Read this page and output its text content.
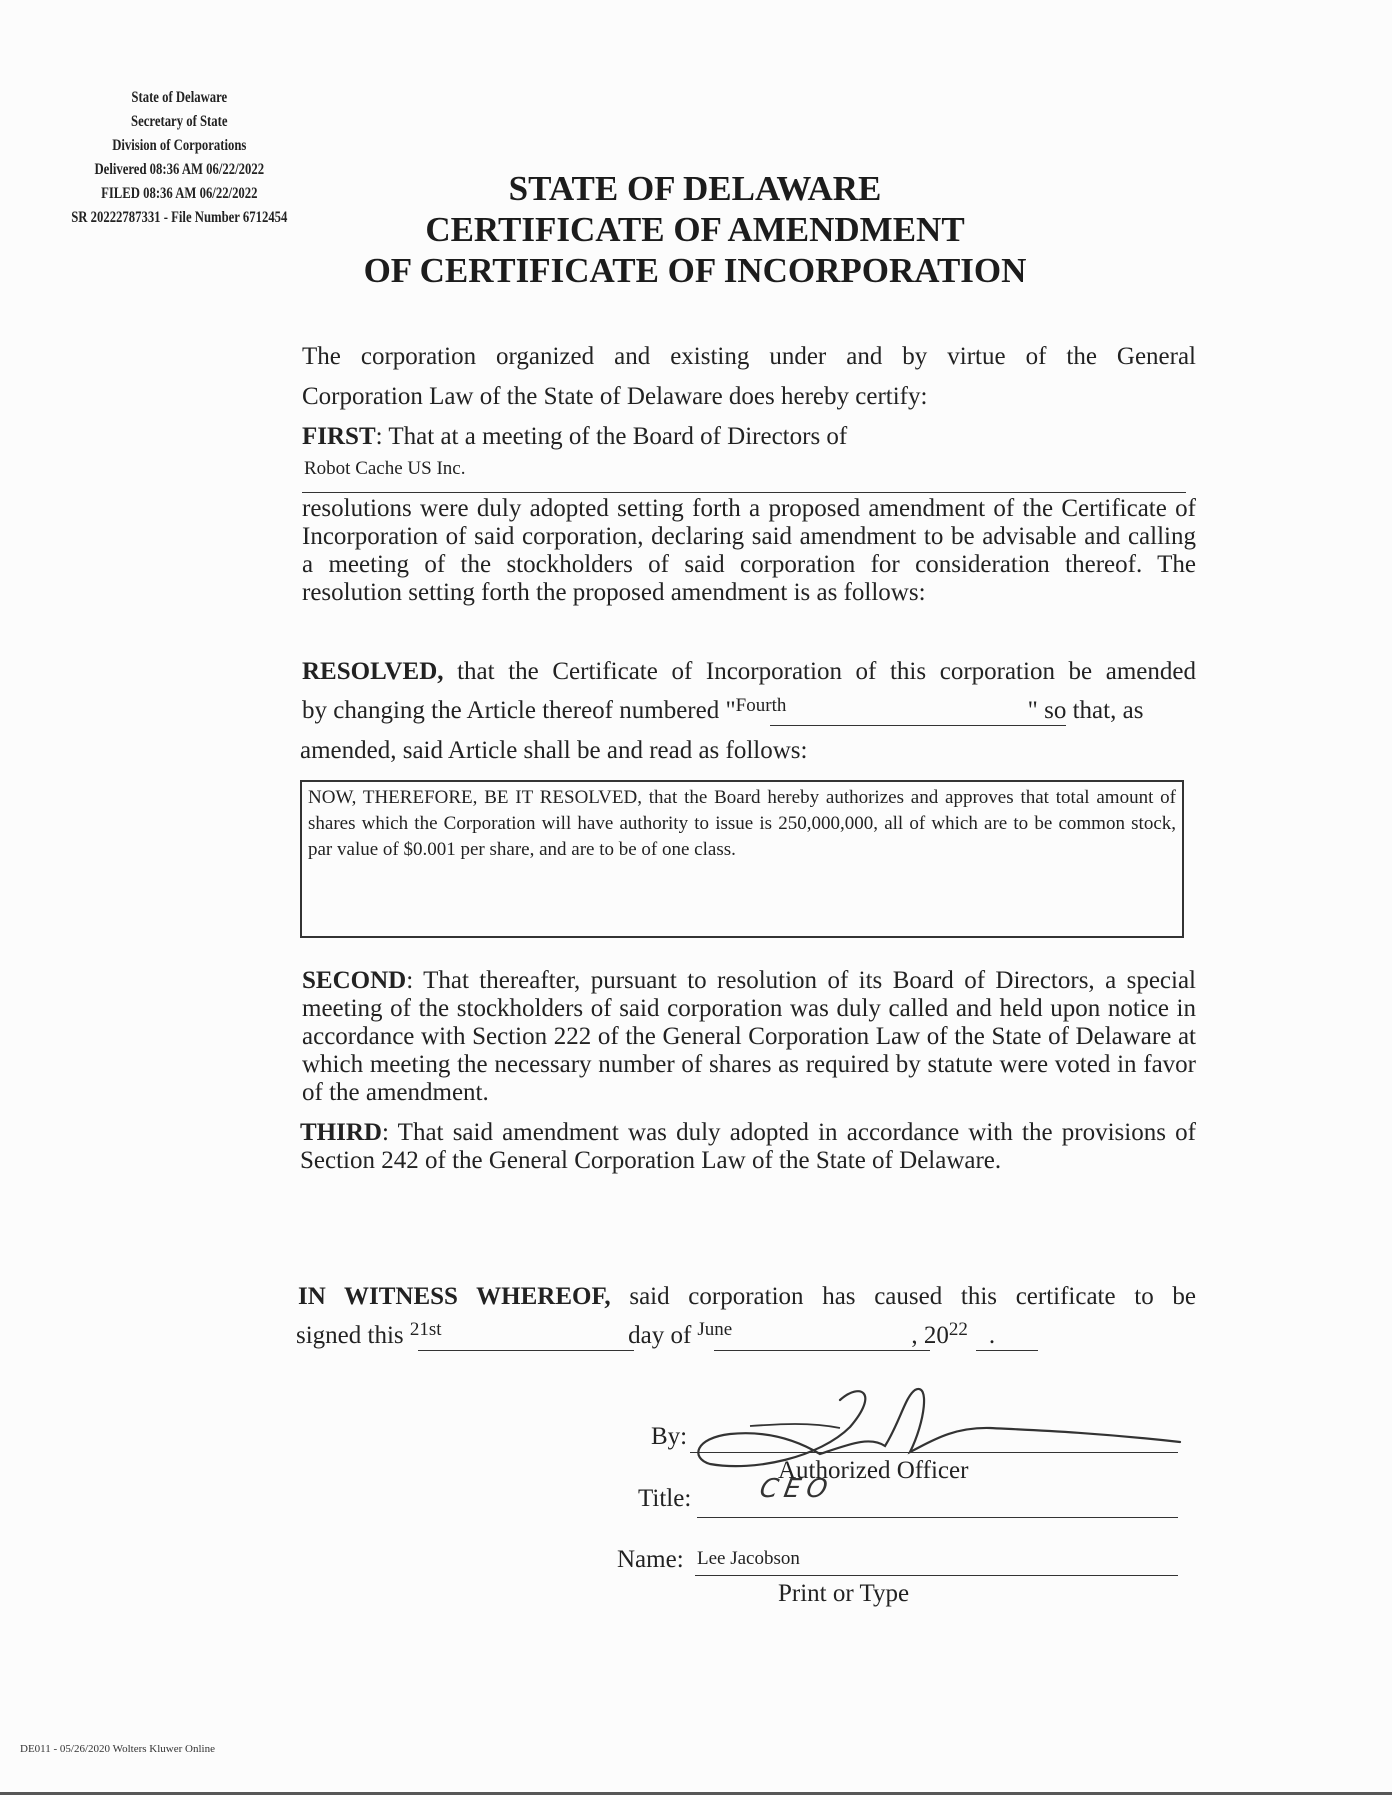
State of Delaware
Secretary of State
Division of Corporations
Delivered 08:36 AM 06/22/2022
FILED 08:36 AM 06/22/2022
SR 20222787331 - File Number 6712454
STATE OF DELAWARE
CERTIFICATE OF AMENDMENT
OF CERTIFICATE OF INCORPORATION
The corporation organized and existing under and by virtue of the General
Corporation Law of the State of Delaware does hereby certify:
FIRST: That at a meeting of the Board of Directors of
Robot Cache US Inc.
resolutions were duly adopted setting forth a proposed amendment of the Certificate of Incorporation of said corporation, declaring said amendment to be advisable and calling a meeting of the stockholders of said corporation for consideration thereof. The resolution setting forth the proposed amendment is as follows:
RESOLVED, that the Certificate of Incorporation of this corporation be amended
by changing the Article thereof numbered "Fourth	" so that, as
amended, said Article shall be and read as follows:
NOW, THEREFORE, BE IT RESOLVED, that the Board hereby authorizes and approves that total amount of shares which the Corporation will have authority to issue is 250,000,000, all of which are to be common stock, par value of $0.001 per share, and are to be of one class.
SECOND: That thereafter, pursuant to resolution of its Board of Directors, a special meeting of the stockholders of said corporation was duly called and held upon notice in accordance with Section 222 of the General Corporation Law of the State of Delaware at which meeting the necessary number of shares as required by statute were voted in favor of the amendment.
THIRD: That said amendment was duly adopted in accordance with the provisions of Section 242 of the General Corporation Law of the State of Delaware.
IN WITNESS WHEREOF, said corporation has caused this certificate to be
signed this 21st	day of June	, 2022 .
By:
Authorized Officer
Title:	CEO
Name: Lee Jacobson
Print or Type
DE011 - 05/26/2020 Wolters Kluwer Online
